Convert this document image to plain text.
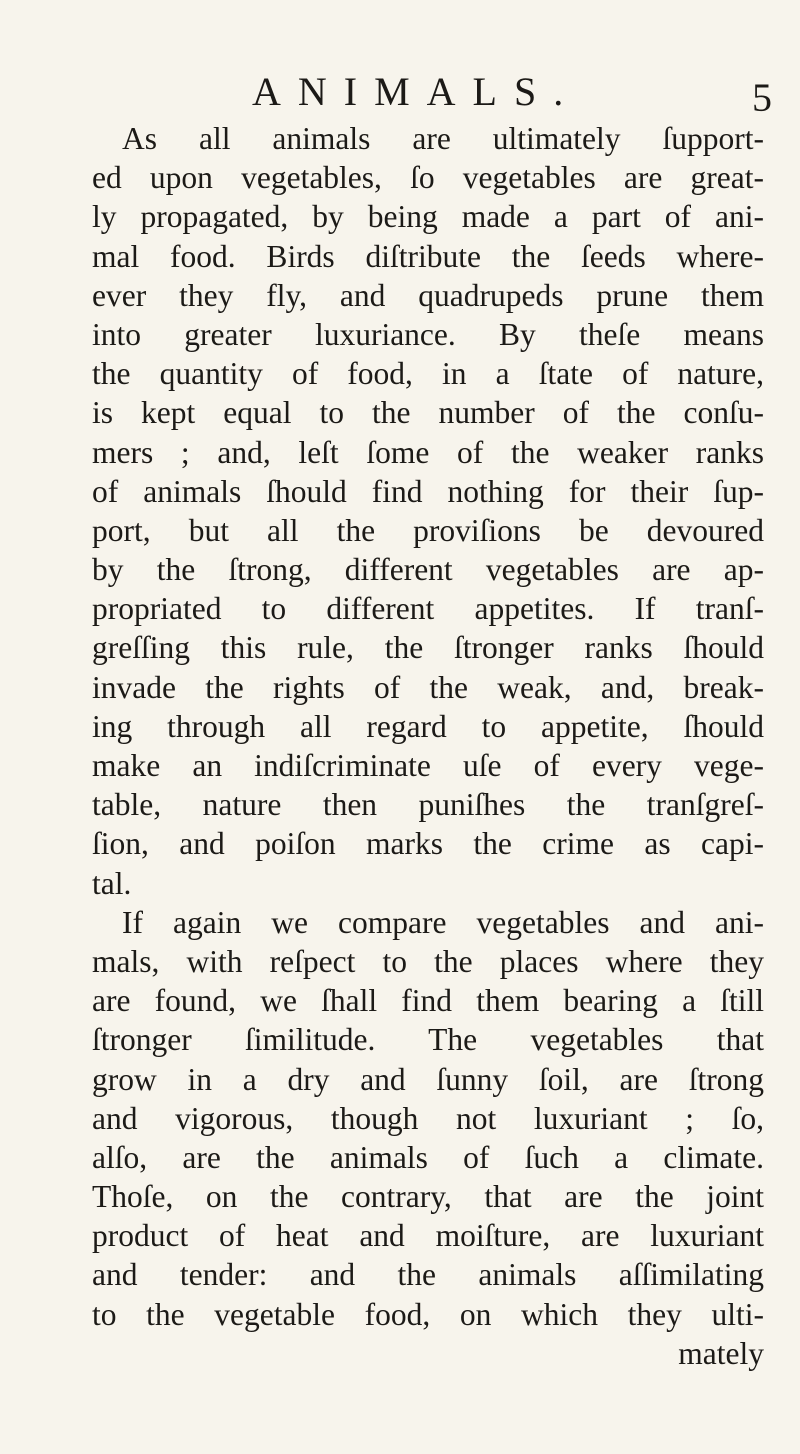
ANIMALS.	5
As all animals are ultimately ſupport-
ed upon vegetables, ſo vegetables are great-
ly propagated, by being made a part of ani-
mal food. Birds diſtribute the ſeeds where-
ever they fly, and quadrupeds prune them
into greater luxuriance. By theſe means
the quantity of food, in a ſtate of nature,
is kept equal to the number of the conſu-
mers ; and, leſt ſome of the weaker ranks
of animals ſhould find nothing for their ſup-
port, but all the proviſions be devoured
by the ſtrong, different vegetables are ap-
propriated to different appetites. If tranſ-
greſſing this rule, the ſtronger ranks ſhould
invade the rights of the weak, and, break-
ing through all regard to appetite, ſhould
make an indiſcriminate uſe of every vege-
table, nature then puniſhes the tranſgreſ-
ſion, and poiſon marks the crime as capi-
tal.
If again we compare vegetables and ani-
mals, with reſpect to the places where they
are found, we ſhall find them bearing a ſtill
ſtronger ſimilitude. The vegetables that
grow in a dry and ſunny ſoil, are ſtrong
and vigorous, though not luxuriant ; ſo,
alſo, are the animals of ſuch a climate.
Thoſe, on the contrary, that are the joint
product of heat and moiſture, are luxuriant
and tender: and the animals aſſimilating
to the vegetable food, on which they ulti-
mately
